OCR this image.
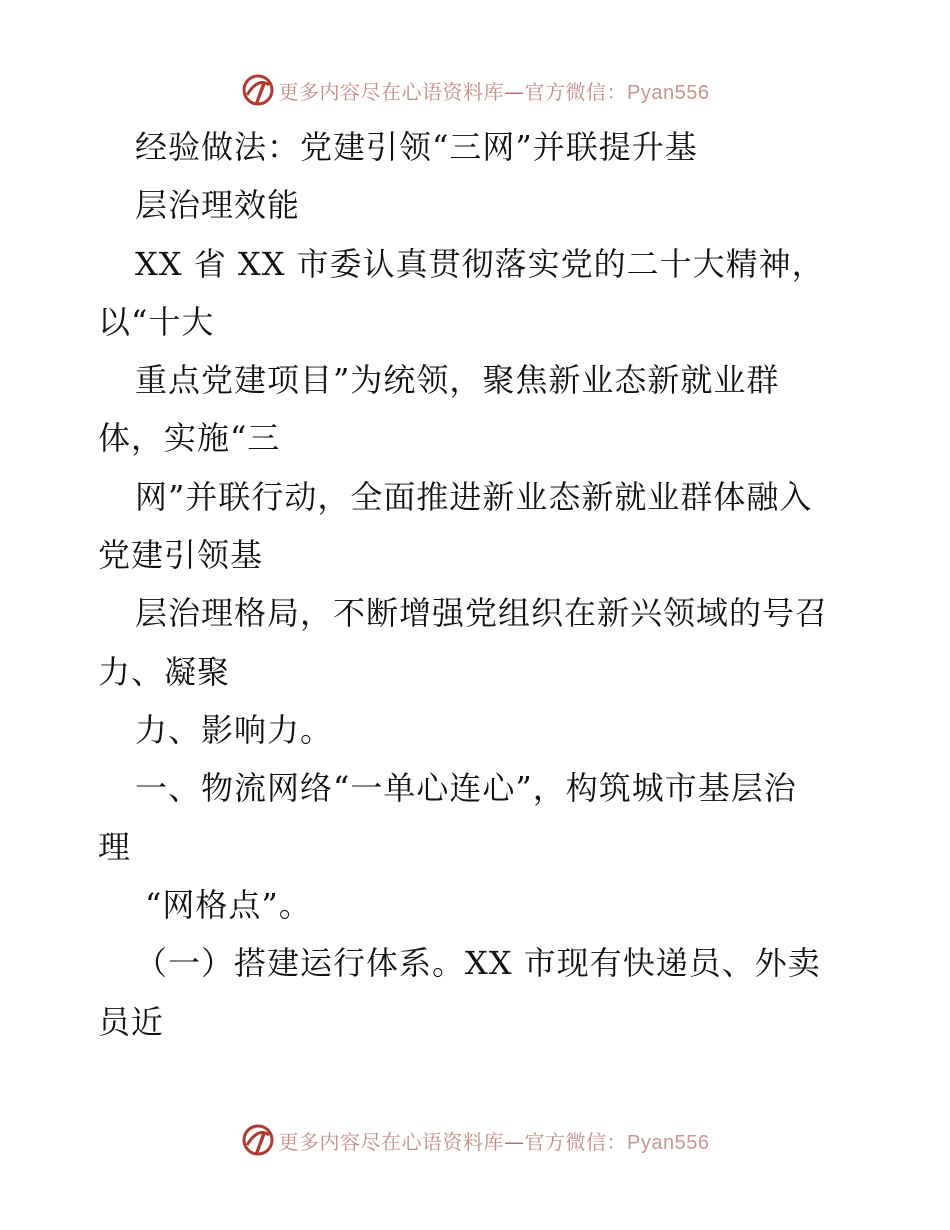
更多内容尽在心语资料库—官方微信：Pyan556
经验做法：党建引领“三网”并联提升基
层治理效能
XX 省 XX 市委认真贯彻落实党的二十大精神，
以“十大
重点党建项目”为统领，聚焦新业态新就业群
体，实施“三
网”并联行动，全面推进新业态新就业群体融入
党建引领基
层治理格局，不断增强党组织在新兴领域的号召
力、凝聚
力、影响力。
一、物流网络“一单心连心”，构筑城市基层治
理
“网格点”。
（一）搭建运行体系。XX 市现有快递员、外卖
员近
更多内容尽在心语资料库—官方微信：Pyan556
